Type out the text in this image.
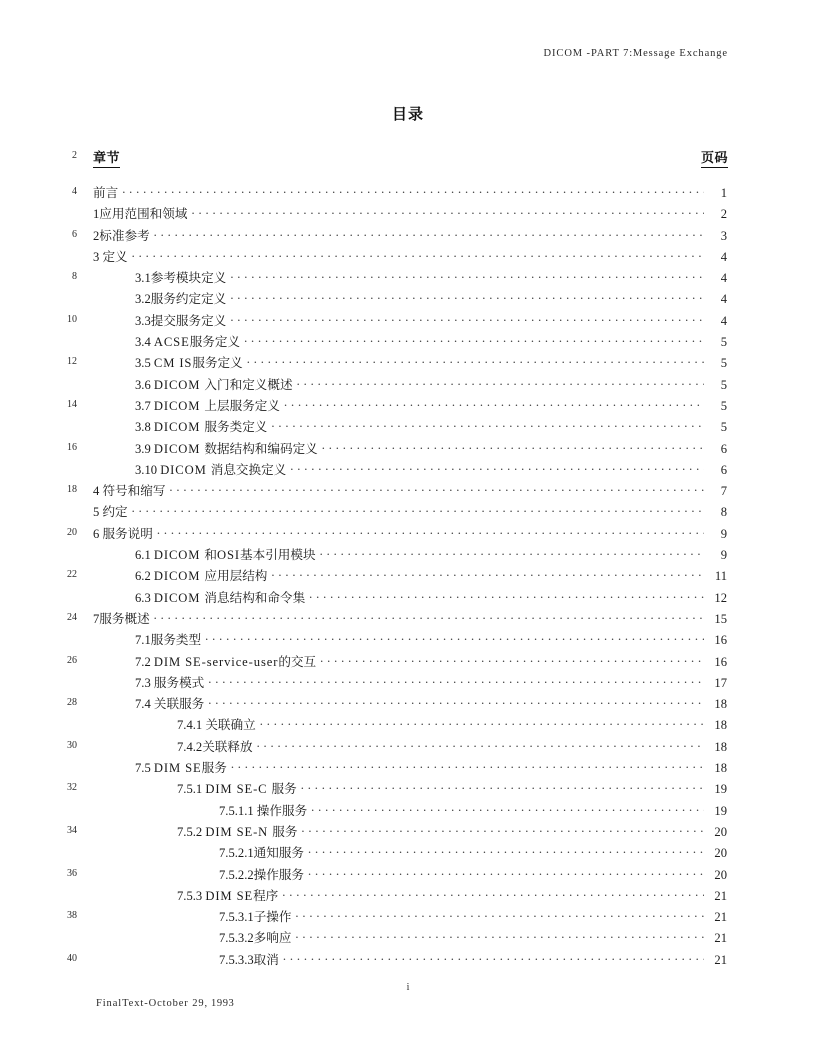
DICOM -PART 7:Message Exchange
目录
2 章节	页码
4 前言 . . .	1
1应用范围和领域 . . .	2
6 2标准参考 . . .	3
3 定义 . . .	4
8	3.1参考模块定义 . . .	4
3.2服务约定定义 . . .	4
10	3.3提交服务定义 . . .	4
3.4 ACSE服务定义 . . .	5
12	3.5 CM IS服务定义 . . .	5
3.6 DICOM 入门和定义概述 . . .	5
14	3.7 DICOM 上层服务定义 . . .	5
3.8 DICOM 服务类定义 . . .	5
16	3.9 DICOM 数据结构和编码定义 . . .	6
3.10 DICOM 消息交换定义 . . .	6
18 4 符号和缩写 . . .	7
5 约定 . . .	8
20 6 服务说明 . . .	9
6.1 DICOM 和OSI基本引用模块 . . .	9
22	6.2 DICOM 应用层结构 . . .	11
6.3 DICOM 消息结构和命令集 . . .	12
24 7服务概述 . . .	15
7.1服务类型 . . .	16
26	7.2 DIM SE-service-user的交互 . . .	16
7.3 服务模式 . . .	17
28	7.4 关联服务 . . .	18
7.4.1 关联确立 . . .	18
30	7.4.2关联释放 . . .	18
7.5 DIM SE服务 . . .	18
32	7.5.1 DIM SE-C 服务 . . .	19
7.5.1.1 操作服务 . . .	19
34	7.5.2 DIM SE-N 服务 . . .	20
7.5.2.1通知服务 . . .	20
36	7.5.2.2操作服务 . . .	20
7.5.3 DIM SE程序 . . .	21
38	7.5.3.1子操作 . . .	21
7.5.3.2多响应 . . .	21
40	7.5.3.3取消 . . .	21
i
FinalText-October 29, 1993
